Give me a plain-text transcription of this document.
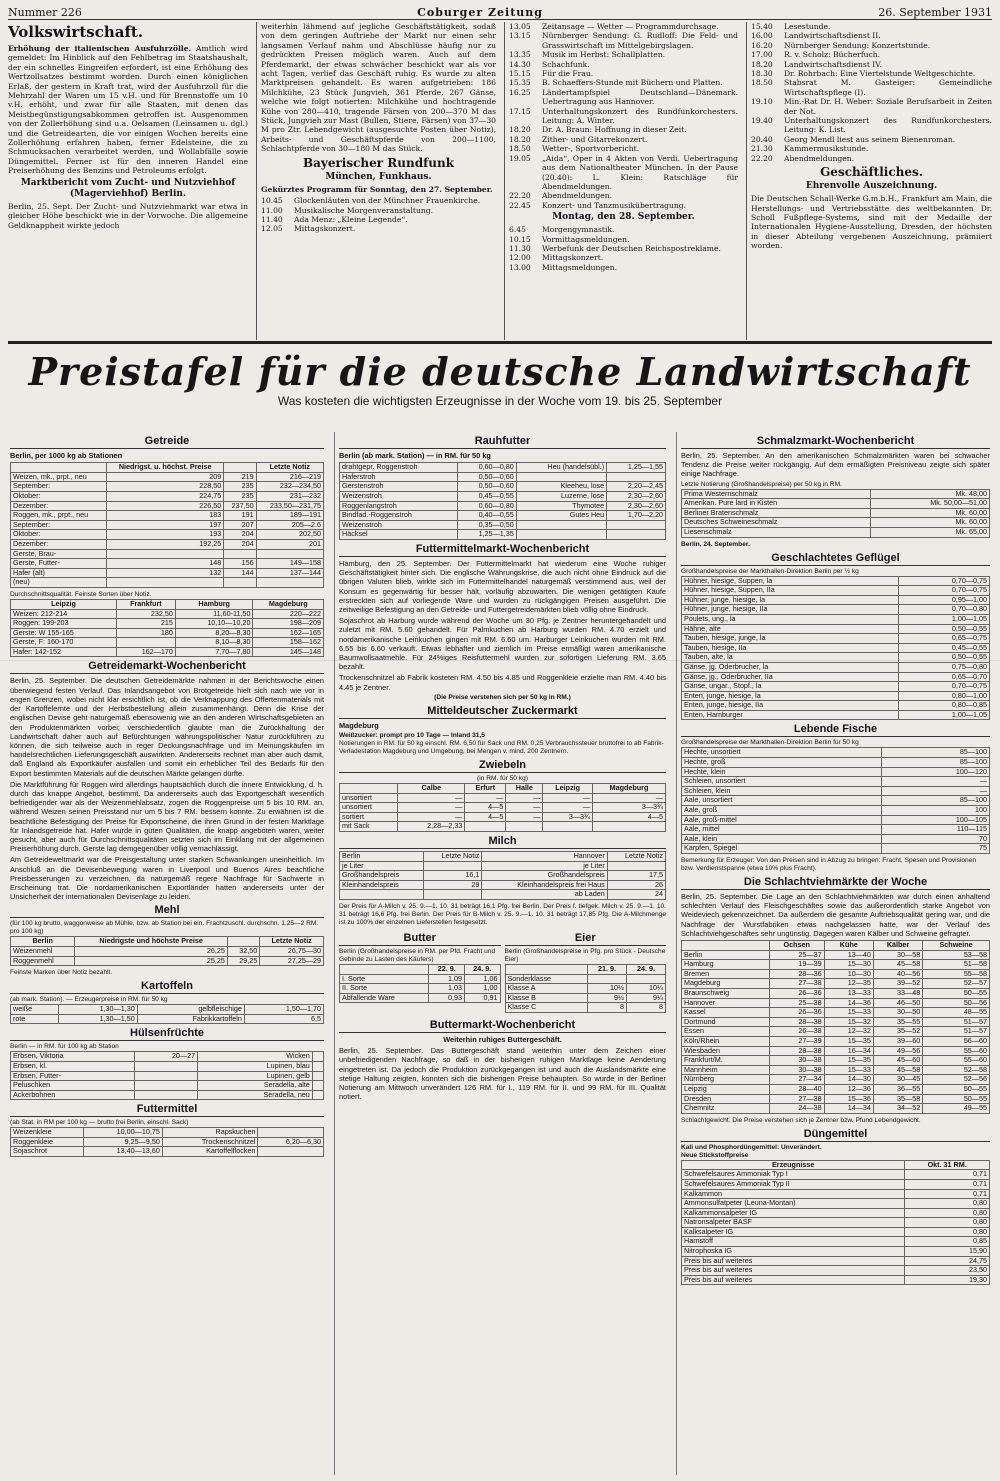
Nummer 226	Coburger Zeitung	26. September 1931
Volkswirtschaft.

Erhöhung der italienischen Ausfuhrzölle. Amtlich wird gemeldet: Im Hinblick auf den Fehlbetrag im Staatshaushalt, der ein schnelles Eingreifen erfordert, ist eine Erhöhung des Wertzollsatzes bestimmt worden. Durch einen königlichen Erlaß, der gestern in Kraft trat, wird der Ausfuhrzoll für die Mehrzahl der Waren um 15 v.H. und für Brennstoffe um 10 v.H. erhöht, und zwar für alle Staaten, mit denen das Meistbegünstigungsabkommen getroffen ist. Ausgenommen von der Zollerhöhung sind u.a. Oelsamen (Leinsamen u. dgl.) und die Getreidearten, die vor einigen Wochen bereits eine Zollerhöhung erfahren haben, ferner Edelsteine, die zu Schmucksachen verarbeitet werden, und Wollabfälle sowie Düngemittel. Ferner ist für den inneren Handel eine Preiserhöhung des Benzins und Petroleums erfolgt.

Marktbericht vom Zucht- und Nutzviehhof (Magerviehhof) Berlin.

Berlin, 25. Sept. Der Zucht- und Nutzviehmarkt war etwa in gleicher Höhe beschickt wie in der Vorwoche. Die allgemeine Geldknappheit wirkte jedoch

weiterhin lähmend auf jegliche Geschäftstätigkeit, sodaß von dem geringen Auftriebe der Markt nur einen sehr langsamen Verlauf nahm und Abschlüsse häufig nur zu gedrückten Preisen möglich waren. Auch auf dem Pferdemarkt, der etwas schwächer beschickt war als vor acht Tagen, verlief das Geschäft ruhig. Es wurde zu alten Marktpreisen gehandelt. Es waren aufgetrieben: 186 Milchkühe, 23 Stück Jungvieh, 361 Pferde, 267 Gänse, welche wie folgt notierten: Milchkühe und hochtragende Kühe von 280—410, tragende Färsen von 200—370 M das Stück, Jungvieh zur Mast (Bullen, Stiere, Färsen) von 37—30 M pro Ztr. Lebendgewicht (ausgesuchte Posten über Notiz), Arbeits- und Geschäftspferde von 200—1100, Schlachtpferde von 30—180 M das Stück.

Bayerischer Rundfunk
München, Funkhaus.

Gekürztes Programm für Sonntag, den 27. September.

10.45	Glockenläuten von der Münchner Frauenkirche.
11.00	Musikalische Morgenveranstaltung.
11.40	Ada Menz: „Kleine Legende“.
12.05	Mittagskonzert.
13.05	Zeitansage — Wetter — Programmdurchsage.
13.15	Nürnberger Sendung: G. Rudloff: Die Feld- und Grasswirtschaft im Mittelgebirgslagen.
13.35	Musik im Herbst: Schallplatten.
14.30	Schachfunk.
15.15	Für die Frau.
15.35	B. Schaeffers-Stunde mit Büchern und Platten.
16.25	Ländertampfspiel Deutschland—Dänemark. Uebertragung aus Hannover.
17.15	Unterhaltungskonzert des Rundfunkorchesters. Leitung: A. Winter.
18.20	Dr. A. Braun: Hoffnung in dieser Zeit.
18.20	Zither- und Gitarrekonzert.
18.50	Wetter-, Sportvorbericht.
19.05	„Aida“, Oper in 4 Akten von Verdi. Uebertragung aus dem Nationaltheater München. In der Pause (20.40): L. Klein: Ratschläge für Abendmeldungen.
22.20	Abendmeldungen.
22.45	Konzert- und Tanzmusikübertragung.
Montag, den 28. September.
6.45	Morgengymnastik.
10.15	Vormittagsmeldungen.
11.30	Werbefunk der Deutschen Reichspostreklame.
12.00	Mittagskonzert.
13.00	Mittagsmeldungen.
15.40	Lesestunde.
16.00	Landwirtschaftsdienst II.
16.20	Nürnberger Sendung: Konzertstunde.
17.00	R. v. Scholz: Bücherfuch.
18.20	Landwirtschaftsdienst IV.
18.30	Dr. Rohrbach: Eine Viertelstunde Weltgeschichte.
18.50	Stabsrat M. Gasteiger: Gemeindliche Wirtschaftspflege (I).
19.10	Min.-Rat Dr. H. Weber: Soziale Berufsarbeit in Zeiten der Not.
19.40	Unterhaltungskonzert des Rundfunkorchesters. Leitung: K. List.
20.40	Georg Mendl liest aus seinem Bienenroman.
21.30	Kammermusikstunde.
22.20	Abendmeldungen.
Geschäftliches.
Ehrenvolle Auszeichnung.

Die Deutschen Schall-Werke G.m.b.H., Frankfurt am Main, die Herstellungs- und Vertriebsstätte des weltbekannten Dr. Scholl Fußpflege-Systems, sind mit der Medaille der Internationalen Hygiene-Ausstellung, Dresden, der höchsten in dieser Abteilung vergebenen Auszeichnung, prämiiert worden.

Preistafel für die deutsche Landwirtschaft
Was kosteten die wichtigsten Erzeugnisse in der Woche vom 19. bis 25. September
Getreide
Berlin, per 1000 kg ab Stationen
	Niedrigst. u. höchst. Preise		Letzte Notiz
Weizen, mk., prpt., neu	209	219	216—219
September:	228,50	235	232—234,50
Oktober:	224,75	235	231—232
Dezember:	226,50	237,50	233,50—231,75
Roggen, mk., prpt., neu	183	191	189—191
September:	197	207	205—2.6
Oktober:	193	204	202,50
Dezember:	192,25	204	201
Gerste, Brau-			
Gerste, Futter-	148	156	149—158
Hafer (alt)	132	144	137—144
(neu)			
Durchschnittsqualität. Feinste Sorten über Notiz.
Leipzig	Frankfurt	Hamburg	Magdeburg
Weizen: 212-214	232,50	11,60-11,50	220—222
Roggen: 199-203	215	10,10—10,20	198—209
Gerste: W 155-165	180	8,20—8,30	162—165
Gerste, F: 160-170		8,10—8,30	158—162
Hafer: 142-152	162—170	7,70—7,80	145—148
Getreidemarkt-Wochenbericht

Berlin, 25. September. Die deutschen Getreidemärkte nahmen in der Berichtswoche einen überwiegend festen Verlauf. Das Inlandsangebot von Brotgetreide hielt sich nach wie vor in engen Grenzen, wobei nicht klar ersichtlich ist, ob die Verknappung des Offertenmaterials mit der Kartoffelernte und der Herbstbestellung allein zusammenhängt. Denn die Krise der englischen Devise geht naturgemäß ebensowenig wie an den anderen Wirtschaftsgebieten an den Produktenmärkten vorbei; verschiedentlich glaubte man die Zurückhaltung der Landwirtschaft daher auch auf Befürchtungen währungspolitischer Natur zurückführen zu können, die sich teilweise auch in reger Deckungsnachfrage und im Meinungskäufen im handelsrechtlichen Lieferungsgeschäft auswirkten. Andererseits rechnet man aber auch damit, daß England als Exportkäufer ausfallen und somit ein erheblicher Teil des Bedarfs für den Export bestimmten Materials auf die deutschen Märkte gelangen dürfte.

Die Marktführung für Roggen wird allerdings hauptsächlich durch die innere Entwicklung, d. h. durch das knappe Angebot, bestimmt. Da andererseits auch das Exportgeschäft wesentlich befriedigender war als der Weizenmehlabsatz, zogen die Roggenpreise um 5 bis 10 RM. an, während Weizen seinen Preisstand nur um 5 bis 7 RM. bessern konnte. Zu erwähnen ist die beachtliche Befestigung der Preise für Exportscheine, die ihren Grund in der festen Marktlage für Inlandsgetreide hat. Hafer wurde in guten Qualitäten, die knapp angeboten waren, weiter gesucht, aber auch für Durchschnittsqualitäten setzten sich im Einklang mit der allgemeinen Preiserhöhung durch. Gerste lag demgegenüber völlig vernachlässigt.

Am Getreideweltmarkt war die Preisgestaltung unter starken Schwankungen uneinheitlich. Im Anschluß an die Devisenbewegung waren in Liverpool und Buenos Aires beachtliche Preisbesserungen zu verzeichnen, da naturgemäß regere Nachfrage für Sachwerte in Erscheinung trat. Die nordamerikanischen Exportländer hatten andererseits unter der Unsicherheit der internationalen Devisenlage zu leiden.

Mehl
(für 100 kg brutto, waggonweise ab Mühle, bzw. ab Station bei ein. Frachtzuschl. durchschn. 1.25—2 RM. pro 100 kg)
Berlin	Niedrigste und höchste Preise		Letzte Notiz
Weizenmehl	26,25	32,50	26,75—30
Roggenmehl	25,25	29,25	27,25—29
Feinste Marken über Notiz bezahlt.
Kartoffeln
(ab mark. Station). — Erzeugerpreise in RM. für 50 kg
weiße	1,30—1,30	gelbfleischige	1,50—1,70
rote	1,30—1,50	Fabrikkartoffeln	6,5
Hülsenfrüchte
Berlin — in RM. für 100 kg ab Station
Erbsen, Viktoria	20—27	Wicken	
Erbsen, kl.		Lupinen, blau	
Erbsen, Futter-		Lupinen, gelb	
Peluschken		Seradella, alte	
Ackerbohnen		Seradella, neu	
Futtermittel
(ab Stat. in RM per 100 kg — brutto frei Berlin, einschl. Sack)
Weizenkleie	10,00—10,75	Rapskuchen	
Roggenkleie	9,25—9,50	Trockenschnitzel	6,20—6,30
Sojaschrot	13,40—13,60	Kartoffelflocken	
Rauhfutter
Berlin (ab mark. Station) — in RM. für 50 kg
drahtgepr. Roggenstroh	0,60—0,80	Heu (handelsübl.)	1,25—1,55
Haferstroh	0,50—0,60		
Gerstenstroh	0,50—0,60	Kleeheu, lose	2,20—2,45
Weizenstroh	0,45—0,55	Luzerne, lose	2,30—2,60
Roggenlangstroh	0,60—0,80	Thymotee	2,30—2,60
Bindfad.-Roggenstroh	0,40—0,55	Gutes Heu	1,70—2,20
Weizenstroh	0,35—0,50		
Häcksel	1,25—1,35		
Futtermittelmarkt-Wochenbericht

Hamburg, den 25. September. Der Futtermittelmarkt hat wiederum eine Woche ruhiger Geschäftstätigkeit hinter sich. Die englische Währungskrise, die auch nicht ohne Eindruck auf die übrigen Valuten blieb, wirkte sich im Futtermittelhandel naturgemäß verstimmend aus, weil der Konsum es gegenwärtig für besser hält, vorläufig abzuwarten. Die wenigen getätigten Käufe erstreckten sich auf vorliegende Ware und wurden zu rückgängigen Preisen ausgeführt. Die zeitweilige Befestigung an den Getreide- und Futtergetreidemärkten blieb völlig ohne Eindruck.

Sojaschrot ab Harburg wurde während der Woche um 30 Pfg. je Zentner heruntergehandelt und zuletzt mit RM. 5.60 gehandelt. Für Palmkuchen ab Harburg wurden RM. 4.70 erzielt und nordamerikanische Leinkuchen gingen mit RM. 6.60 um. Harburger Leinkuchen wurden mit RM. 6.55 bis 6.60 verkauft. Etwas lebhafter und ziemlich im Preise ermäßigt waren amerikanische Baumwollsaatmehle. Für 24%iges Reisfuttermehl wurden zur sofortigen Lieferung RM. 3.65 bezahlt.

Trockenschnitzel ab Fabrik kosteten RM. 4.50 bis 4.85 und Roggenkleie erzielte man RM. 4.40 bis 4.45 je Zentner.

(Die Preise verstehen sich per 50 kg in RM.)
Mitteldeutscher Zuckermarkt
Magdeburg
Weißzucker: prompt pro 10 Tage — Inland 31,5
Notierungen in RM. für 50 kg einschl. RM. 6,50 für Sack und RM. 0,25 Verbrauchssteuer bruttofrei to ab Fabrik-Verladestation Magdeburg und Umgebung, bei Mengen v. mind. 200 Zentnern.
Zwiebeln
(in RM. für 50 kg)
	Calbe	Erfurt	Halle	Leipzig	Magdeburg
unsortiert	—	—	—	—	—
unsortiert	—	4—5	—	—	3—3¾
sortiert	—	4—5	—	3—3¾	4—5
mit Sack	2,28—2,33				
Milch
Berlin	Letzte Notiz	Hannover	Letzte Notiz
je Liter		je Liter	
Großhandelspreis	16,1	Großhandelspreis	17,5
Kleinhandelspreis	29	Kleinhandelspreis frei Haus	26
		ab Laden	24

Der Preis für A-Milch v. 25. 9.—1. 10. 31 beträgt 16,1 Pfg. frei Berlin. Der Preis f. tiefgek. Milch v. 25. 9.—1. 10. 31 beträgt 16,6 Pfg. frei Berlin. Der Preis für B-Milch v. 25. 9.—1. 10. 31 beträgt 17,85 Pfg. Die A-Milchmenge ist zu 100% der einzelnen Lieferstellen festgesetzt.

Butter
Berlin (Großhandelspreise in RM. per Pfd. Fracht und Gebinde zu Lasten des Käufers)
	22. 9.	24. 9.
I. Sorte	1,09	1,06
II. Sorte	1,03	1,00
Abfallende Ware	0,93	0,91
Eier
Berlin (Großhandelspreise in Pfg. pro Stück - Deutsche Eier)
	21. 9.	24. 9.
Sonderklasse		
Klasse A	10½	10¼
Klasse B	9½	9¼
Klasse C	8	8
Buttermarkt-Wochenbericht
Weiterhin ruhiges Buttergeschäft.

Berlin, 25. September. Das Buttergeschäft stand weiterhin unter dem Zeichen einer unbefriedigenden Nachfrage, so daß in der bisherigen ruhigen Marktlage keine Aenderung eingetreten ist. Da jedoch die Produktion zurückgegangen ist und auch die Auslandsmärkte eine stetige Haltung zeigten, konnten sich die bisherigen Preise behaupten. So wurde in der Berliner Notierung am Mittwoch unverändert 126 RM. für I., 119 RM. für II. und 99 RM. für III. Qualität notiert.

Schmalzmarkt-Wochenbericht

Berlin, 25. September. An den amerikanischen Schmalzmärkten waren bei schwacher Tendenz die Preise weiter rückgängig. Auf dem ermäßigten Preisniveau zeigte sich später einige Nachfrage.

Letzte Notierung (Großhandelspreise) per 50 kg in RM.
Prima Westernschmalz	Mk. 48,00
Amerikan. Pure lard in Kisten	Mk. 50,00—51,00
Berliner Bratenschmalz	Mk. 60,00
Deutsches Schweineschmalz	Mk. 60,00
Liesenschmalz	Mk. 65,00
Berlin, 24. September.
Geschlachtetes Geflügel
Großhandelspreise der Markthallen-Direktion Berlin per ½ kg
Hühner, hiesige, Suppen, la	0,70—0,75
Hühner, hiesige, Suppen, IIa	0,70—0,75
Hühner, junge, hiesige, la	0,95—1,00
Hühner, junge, hiesige, IIa	0,70—0,80
Poulets, ung., la	1,00—1,05
Hähne, alte	0,50—0,55
Tauben, hiesige, junge, la	0,65—0,75
Tauben, hiesige, IIa	0,45—0,55
Tauben, alte, la	0,50—0,55
Gänse, jg. Oderbrucher, la	0,75—0,80
Gänse, jg., Oderbrucher, IIa	0,65—0,70
Gänse, ungar., Stopf., la	0,70—0,75
Enten, junge, hiesige, la	0,80—1,00
Enten, junge, hiesige, IIa	0,80—0,85
Enten, Hamburger	1,00—1,05
Lebende Fische
Großhandelspreise der Markthallen-Direktion Berlin für 50 kg
Hechte, unsortiert	85—100
Hechte, groß	85—100
Hechte, klein	100—120
Schleien, unsortiert	—
Schleien, klein	—
Aale, unsortiert	85—100
Aale, groß	100
Aale, groß-mittel	100—105
Aale, mittel	110—115
Aale, klein	70
Karpfen, Spiegel	75
Bemerkung für Erzeuger: Von den Preisen sind in Abzug zu bringen: Fracht, Spesen und Provisionen bzw. Verdienstspanne (etwa 10% plus Fracht).
Die Schlachtviehmärkte der Woche

Berlin, 25. September. Die Lage an den Schlachtviehmärkten war durch einen anhaltend schlechten Verlauf des Fleischgeschäftes sowie das außerordentlich starke Angebot von Weideviech gekennzeichnet. Da außerdem die gesamte Auftriebsqualität gering war, und die Nachfrage der Wurstfabriken etwas nachgelassen hatte, war der Verlauf des Schlachtviehgeschäftes sehr ungünstig. Dagegen waren Kälber und Schweine gefragter.

	Ochsen	Kühe	Kälber	Schweine
Berlin	25—37	13—40	30—58	53—58
Hamburg	19—39	15—30	45—58	51—58
Bremen	28—36	10—30	40—56	55—58
Magdeburg	27—38	12—35	39—52	52—57
Braunschweig	26—36	13—33	33—48	50—55
Hannover	25—38	14—36	46—50	50—56
Kassel	26—36	15—33	30—50	48—55
Dortmund	28—38	15—32	35—55	51—57
Essen	26—38	12—32	35—52	51—57
Köln/Rhein	27—39	15—35	39—60	56—60
Wiesbaden	28—38	16—34	49—56	55—60
Frankfurt/M.	30—38	15—35	45—60	55—60
Mannheim	30—38	15—33	45—58	52—58
Nürnberg	27—34	14—30	30—45	52—56
Leipzig	28—40	12—36	36—55	50—55
Dresden	27—38	15—36	35—58	50—55
Chemnitz	24—38	14—34	34—52	49—55
Schlachtgewicht. Die Preise verstehen sich je Zentner bzw. Pfund Lebendgewicht.
Düngemittel
Kali und Phosphordüngemittel: Unverändert.
Neue Stickstoffpreise
Erzeugnisse	Okt. 31 RM.
Schwefelsaures Ammoniak Typ I	0,71
Schwefelsaures Ammoniak Typ II	0,71
Kalkammon	0,71
Ammonsulfatpeter (Leuna-Montan)	0,80
Kalkammonsalpeter IG	0,80
Natronsalpeter BASF	0,80
Kalksalpeter IG	0,80
Harnstoff	0,85
Nitrophoska IG	15,90
Preis bis auf weiteres	24,75
Preis bis auf weiteres	23,50
Preis bis auf weiteres	19,30
